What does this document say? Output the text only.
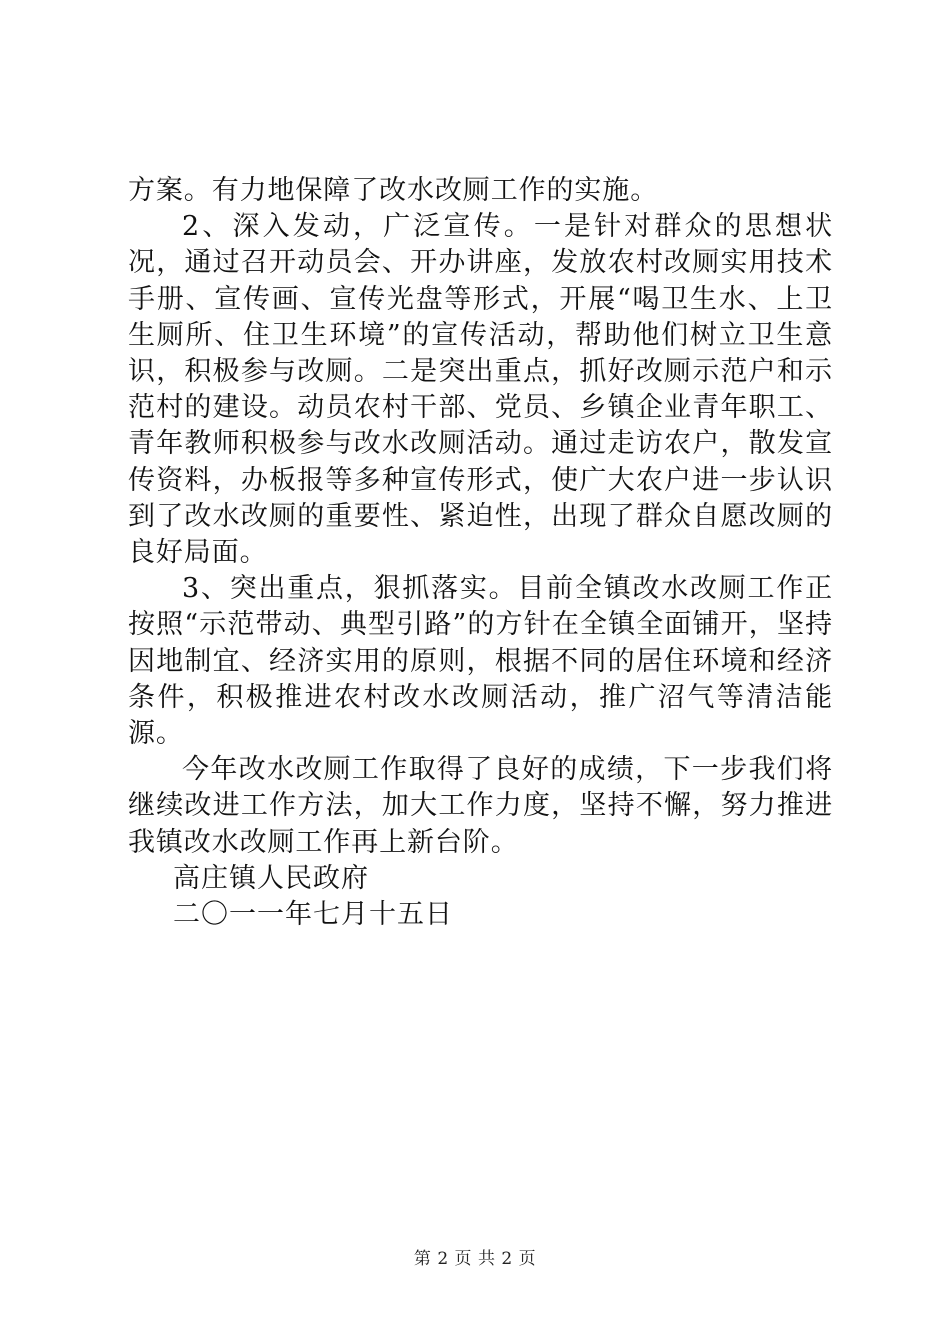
方案。有力地保障了改水改厕工作的实施。

2、深入发动，广泛宣传。一是针对群众的思想状况，通过召开动员会、开办讲座，发放农村改厕实用技术手册、宣传画、宣传光盘等形式，开展“喝卫生水、上卫生厕所、住卫生环境”的宣传活动，帮助他们树立卫生意识，积极参与改厕。二是突出重点，抓好改厕示范户和示范村的建设。动员农村干部、党员、乡镇企业青年职工、青年教师积极参与改水改厕活动。通过走访农户，散发宣传资料，办板报等多种宣传形式，使广大农户进一步认识到了改水改厕的重要性、紧迫性，出现了群众自愿改厕的良好局面。

3、突出重点，狠抓落实。目前全镇改水改厕工作正按照“示范带动、典型引路”的方针在全镇全面铺开，坚持因地制宜、经济实用的原则，根据不同的居住环境和经济条件，积极推进农村改水改厕活动，推广沼气等清洁能源。

今年改水改厕工作取得了良好的成绩，下一步我们将继续改进工作方法，加大工作力度，坚持不懈，努力推进我镇改水改厕工作再上新台阶。

高庄镇人民政府
二〇一一年七月十五日
第 2 页 共 2 页
